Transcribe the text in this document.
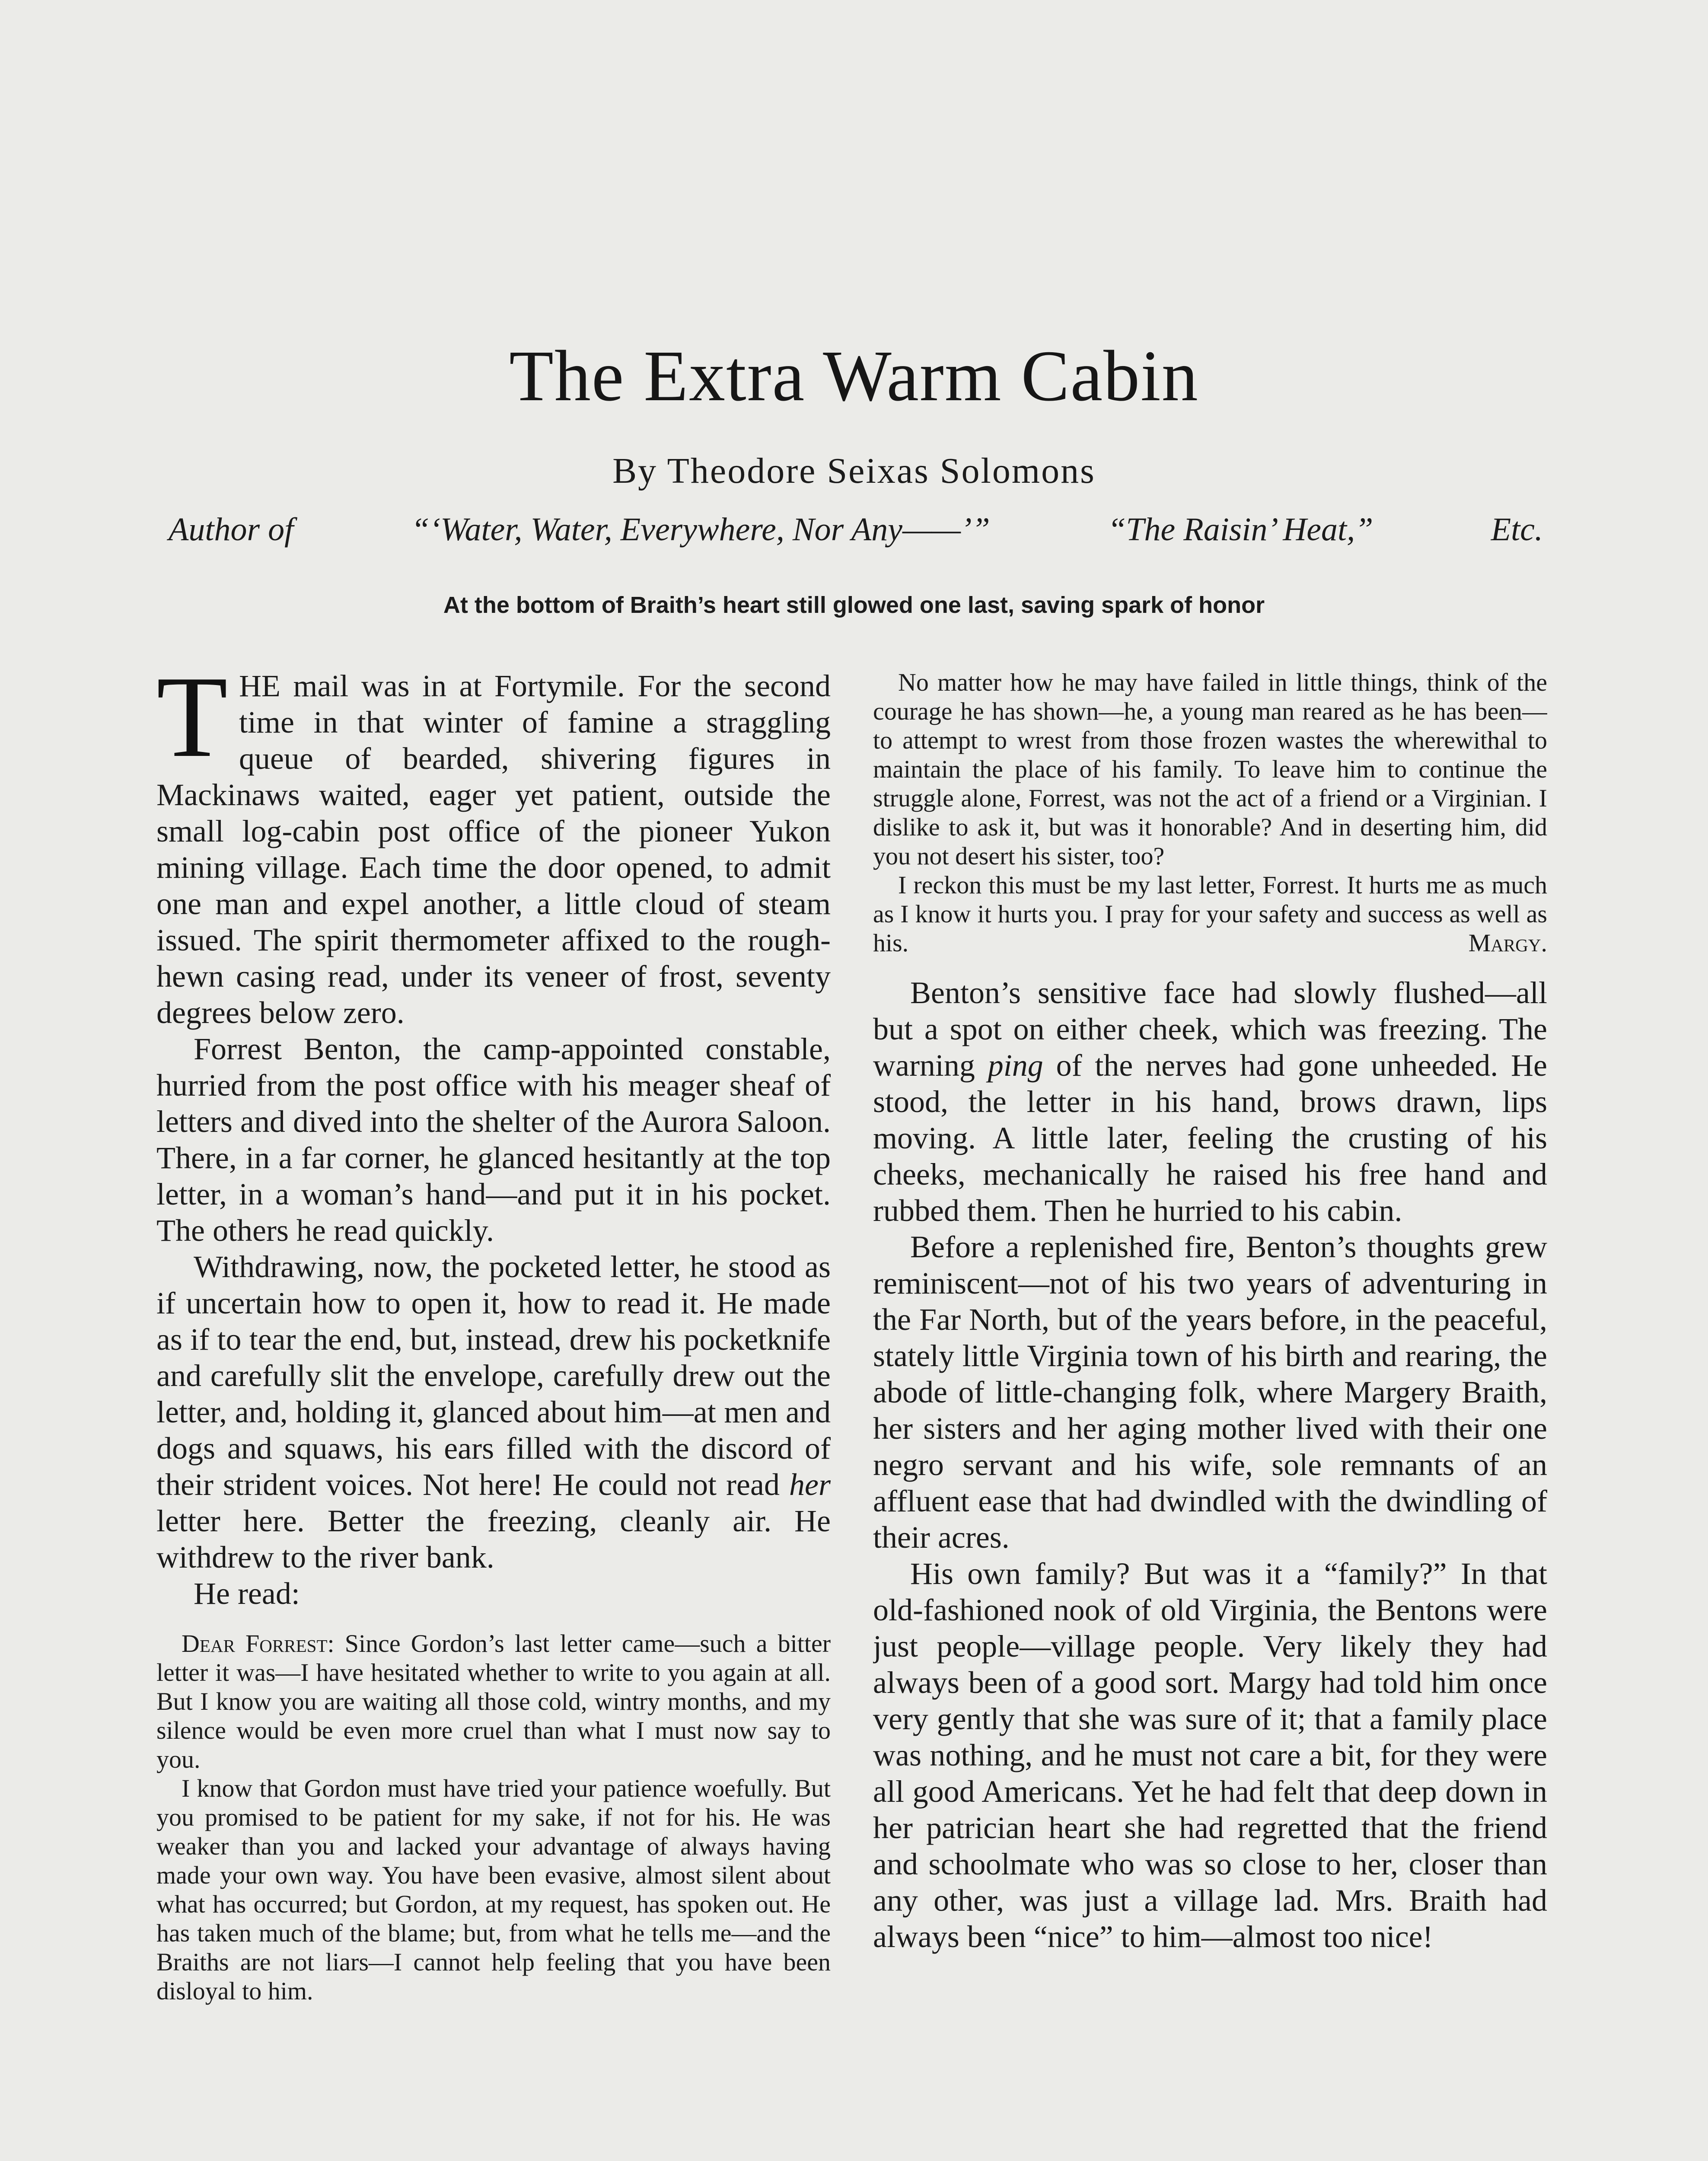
The Extra Warm Cabin
By Theodore Seixas Solomons
Author of	“‘Water, Water, Everywhere, Nor Any——’”	“The Raisin’ Heat,”	Etc.
At the bottom of Braith’s heart still glowed one last, saving spark of honor

THE mail was in at Fortymile. For the second time in that winter of famine a straggling queue of bearded, shivering figures in Mackinaws waited, eager yet patient, outside the small log-cabin post office of the pioneer Yukon mining village. Each time the door opened, to admit one man and expel another, a little cloud of steam issued. The spirit thermometer affixed to the rough-hewn casing read, under its veneer of frost, seventy degrees below zero.

Forrest Benton, the camp-appointed constable, hurried from the post office with his meager sheaf of letters and dived into the shelter of the Aurora Saloon. There, in a far corner, he glanced hesitantly at the top letter, in a woman’s hand—and put it in his pocket. The others he read quickly.

Withdrawing, now, the pocketed letter, he stood as if uncertain how to open it, how to read it. He made as if to tear the end, but, instead, drew his pocketknife and carefully slit the envelope, carefully drew out the letter, and, holding it, glanced about him—at men and dogs and squaws, his ears filled with the discord of their strident voices. Not here! He could not read her letter here. Better the freezing, cleanly air. He withdrew to the river bank.

He read:

Dear Forrest: Since Gordon’s last letter came—such a bitter letter it was—I have hesitated whether to write to you again at all. But I know you are waiting all those cold, wintry months, and my silence would be even more cruel than what I must now say to you.

I know that Gordon must have tried your patience woefully. But you promised to be patient for my sake, if not for his. He was weaker than you and lacked your advantage of always having made your own way. You have been evasive, almost silent about what has occurred; but Gordon, at my request, has spoken out. He has taken much of the blame; but, from what he tells me—and the Braiths are not liars—I cannot help feeling that you have been disloyal to him.

No matter how he may have failed in little things, think of the courage he has shown—he, a young man reared as he has been—to attempt to wrest from those frozen wastes the wherewithal to maintain the place of his family. To leave him to continue the struggle alone, Forrest, was not the act of a friend or a Virginian. I dislike to ask it, but was it honorable? And in deserting him, did you not desert his sister, too?

I reckon this must be my last letter, Forrest. It hurts me as much as I know it hurts you. I pray for your safety and success as well as his.	Margy.

Benton’s sensitive face had slowly flushed—all but a spot on either cheek, which was freezing. The warning ping of the nerves had gone unheeded. He stood, the letter in his hand, brows drawn, lips moving. A little later, feeling the crusting of his cheeks, mechanically he raised his free hand and rubbed them. Then he hurried to his cabin.

Before a replenished fire, Benton’s thoughts grew reminiscent—not of his two years of adventuring in the Far North, but of the years before, in the peaceful, stately little Virginia town of his birth and rearing, the abode of little-changing folk, where Margery Braith, her sisters and her aging mother lived with their one negro servant and his wife, sole remnants of an affluent ease that had dwindled with the dwindling of their acres.

His own family? But was it a “family?” In that old-fashioned nook of old Virginia, the Bentons were just people—village people. Very likely they had always been of a good sort. Margy had told him once very gently that she was sure of it; that a family place was nothing, and he must not care a bit, for they were all good Americans. Yet he had felt that deep down in her patrician heart she had regretted that the friend and schoolmate who was so close to her, closer than any other, was just a village lad. Mrs. Braith had always been “nice” to him—almost too nice!
